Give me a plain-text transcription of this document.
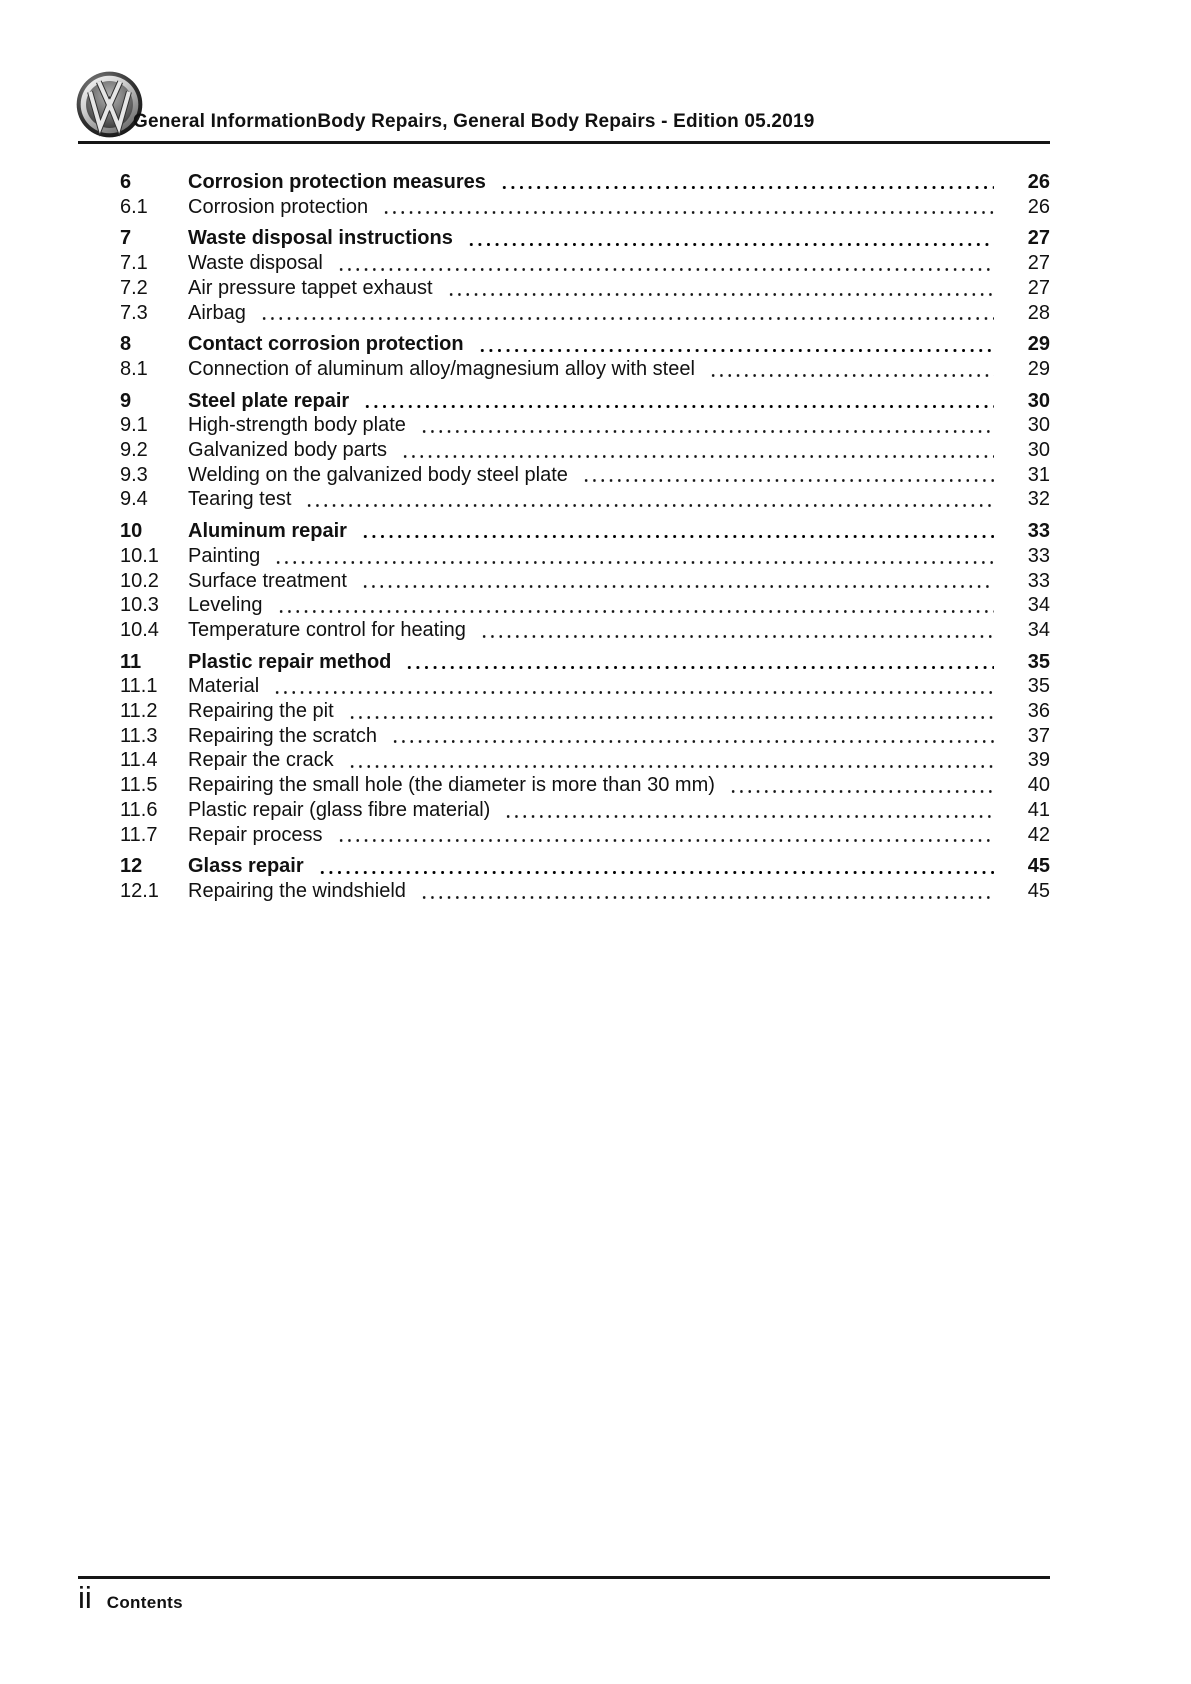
General InformationBody Repairs, General Body Repairs - Edition 05.2019
6	Corrosion protection measures	26
6.1	Corrosion protection	26
7	Waste disposal instructions	27
7.1	Waste disposal	27
7.2	Air pressure tappet exhaust	27
7.3	Airbag	28
8	Contact corrosion protection	29
8.1	Connection of aluminum alloy/magnesium alloy with steel	29
9	Steel plate repair	30
9.1	High-strength body plate	30
9.2	Galvanized body parts	30
9.3	Welding on the galvanized body steel plate	31
9.4	Tearing test	32
10	Aluminum repair	33
10.1	Painting	33
10.2	Surface treatment	33
10.3	Leveling	34
10.4	Temperature control for heating	34
11	Plastic repair method	35
11.1	Material	35
11.2	Repairing the pit	36
11.3	Repairing the scratch	37
11.4	Repair the crack	39
11.5	Repairing the small hole (the diameter is more than 30 mm)	40
11.6	Plastic repair (glass fibre material)	41
11.7	Repair process	42
12	Glass repair	45
12.1	Repairing the windshield	45
ii Contents
